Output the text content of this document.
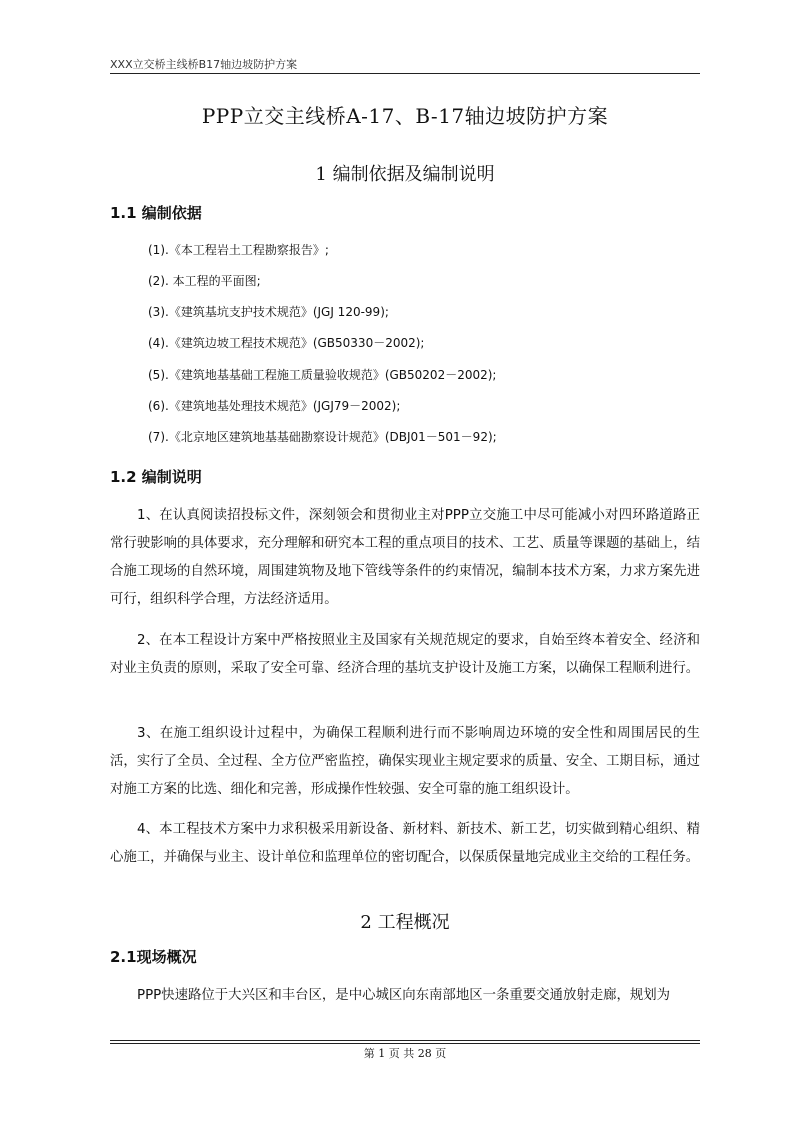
XXX立交桥主线桥B17轴边坡防护方案
PPP立交主线桥A-17、B-17轴边坡防护方案
1 编制依据及编制说明
1.1 编制依据
(1).《本工程岩土工程勘察报告》;
(2). 本工程的平面图;
(3).《建筑基坑支护技术规范》(JGJ 120-99);
(4).《建筑边坡工程技术规范》(GB50330－2002);
(5).《建筑地基基础工程施工质量验收规范》(GB50202－2002);
(6).《建筑地基处理技术规范》(JGJ79－2002);
(7).《北京地区建筑地基基础勘察设计规范》(DBJ01－501－92);
1.2 编制说明

1、在认真阅读招投标文件，深刻领会和贯彻业主对PPP立交施工中尽可能减小对四环路道路正常行驶影响的具体要求，充分理解和研究本工程的重点项目的技术、工艺、质量等课题的基础上，结合施工现场的自然环境，周围建筑物及地下管线等条件的约束情况，编制本技术方案，力求方案先进可行，组织科学合理，方法经济适用。

2、在本工程设计方案中严格按照业主及国家有关规范规定的要求，自始至终本着安全、经济和对业主负责的原则，采取了安全可靠、经济合理的基坑支护设计及施工方案，以确保工程顺利进行。

3、在施工组织设计过程中，为确保工程顺利进行而不影响周边环境的安全性和周围居民的生活，实行了全员、全过程、全方位严密监控，确保实现业主规定要求的质量、安全、工期目标，通过对施工方案的比选、细化和完善，形成操作性较强、安全可靠的施工组织设计。

4、本工程技术方案中力求积极采用新设备、新材料、新技术、新工艺，切实做到精心组织、精心施工，并确保与业主、设计单位和监理单位的密切配合，以保质保量地完成业主交给的工程任务。

2 工程概况
2.1现场概况

PPP快速路位于大兴区和丰台区，是中心城区向东南部地区一条重要交通放射走廊，规划为

第 1 页 共 28 页
